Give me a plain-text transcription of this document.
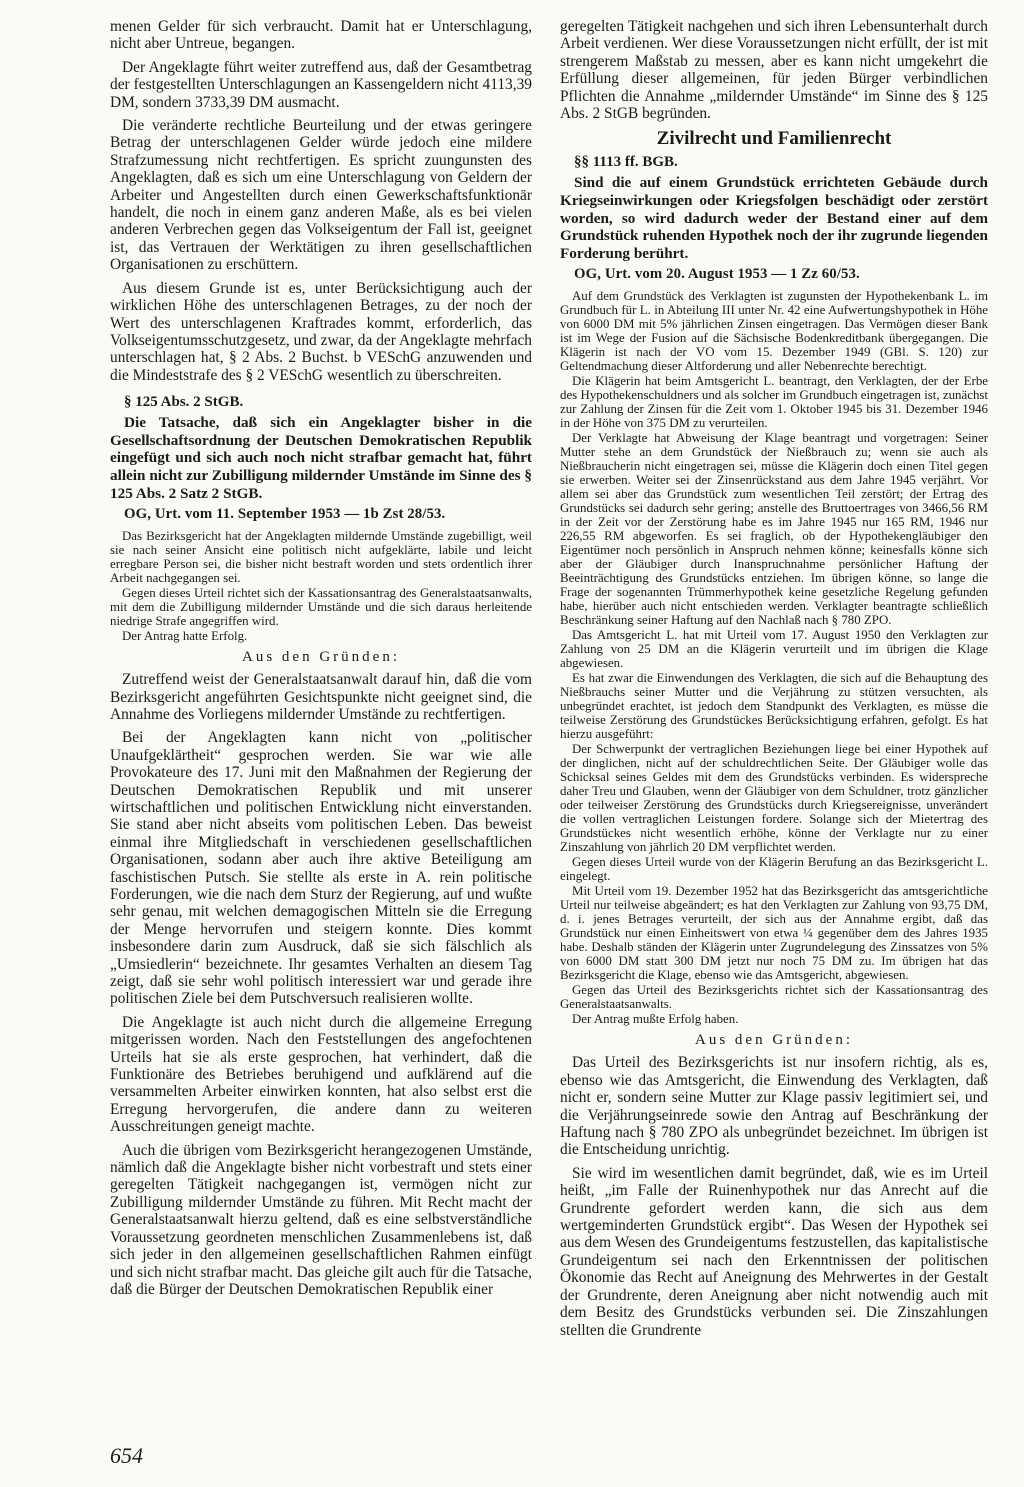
menen Gelder für sich verbraucht. Damit hat er Unterschlagung, nicht aber Untreue, begangen.

Der Angeklagte führt weiter zutreffend aus, daß der Gesamtbetrag der festgestellten Unterschlagungen an Kassengeldern nicht 4113,39 DM, sondern 3733,39 DM ausmacht.

Die veränderte rechtliche Beurteilung und der etwas geringere Betrag der unterschlagenen Gelder würde jedoch eine mildere Strafzumessung nicht rechtfertigen. Es spricht zuungunsten des Angeklagten, daß es sich um eine Unterschlagung von Geldern der Arbeiter und Angestellten durch einen Gewerkschaftsfunktionär handelt, die noch in einem ganz anderen Maße, als es bei vielen anderen Verbrechen gegen das Volkseigentum der Fall ist, geeignet ist, das Vertrauen der Werktätigen zu ihren gesellschaftlichen Organisationen zu erschüttern.

Aus diesem Grunde ist es, unter Berücksichtigung auch der wirklichen Höhe des unterschlagenen Betrages, zu der noch der Wert des unterschlagenen Kraftrades kommt, erforderlich, das Volkseigentumsschutzgesetz, und zwar, da der Angeklagte mehrfach unterschlagen hat, § 2 Abs. 2 Buchst. b VESchG anzuwenden und die Mindeststrafe des § 2 VESchG wesentlich zu überschreiten.

§ 125 Abs. 2 StGB.

Die Tatsache, daß sich ein Angeklagter bisher in die Gesellschaftsordnung der Deutschen Demokratischen Republik eingefügt und sich auch noch nicht strafbar gemacht hat, führt allein nicht zur Zubilligung mildernder Umstände im Sinne des § 125 Abs. 2 Satz 2 StGB.

OG, Urt. vom 11. September 1953 — 1b Zst 28/53.

Das Bezirksgericht hat der Angeklagten mildernde Umstände zugebilligt, weil sie nach seiner Ansicht eine politisch nicht aufgeklärte, labile und leicht erregbare Person sei, die bisher nicht bestraft worden und stets ordentlich ihrer Arbeit nachgegangen sei.

Gegen dieses Urteil richtet sich der Kassationsantrag des Generalstaatsanwalts, mit dem die Zubilligung mildernder Umstände und die sich daraus herleitende niedrige Strafe angegriffen wird.

Der Antrag hatte Erfolg.

Aus den Gründen:

Zutreffend weist der Generalstaatsanwalt darauf hin, daß die vom Bezirksgericht angeführten Gesichtspunkte nicht geeignet sind, die Annahme des Vorliegens mildernder Umstände zu rechtfertigen.

Bei der Angeklagten kann nicht von „politischer Unaufgeklärtheit“ gesprochen werden. Sie war wie alle Provokateure des 17. Juni mit den Maßnahmen der Regierung der Deutschen Demokratischen Republik und mit unserer wirtschaftlichen und politischen Entwicklung nicht einverstanden. Sie stand aber nicht abseits vom politischen Leben. Das beweist einmal ihre Mitgliedschaft in verschiedenen gesellschaftlichen Organisationen, sodann aber auch ihre aktive Beteiligung am faschistischen Putsch. Sie stellte als erste in A. rein politische Forderungen, wie die nach dem Sturz der Regierung, auf und wußte sehr genau, mit welchen demagogischen Mitteln sie die Erregung der Menge hervorrufen und steigern konnte. Dies kommt insbesondere darin zum Ausdruck, daß sie sich fälschlich als „Umsiedlerin“ bezeichnete. Ihr gesamtes Verhalten an diesem Tag zeigt, daß sie sehr wohl politisch interessiert war und gerade ihre politischen Ziele bei dem Putschversuch realisieren wollte.

Die Angeklagte ist auch nicht durch die allgemeine Erregung mitgerissen worden. Nach den Feststellungen des angefochtenen Urteils hat sie als erste gesprochen, hat verhindert, daß die Funktionäre des Betriebes beruhigend und aufklärend auf die versammelten Arbeiter einwirken konnten, hat also selbst erst die Erregung hervorgerufen, die andere dann zu weiteren Ausschreitungen geneigt machte.

Auch die übrigen vom Bezirksgericht herangezogenen Umstände, nämlich daß die Angeklagte bisher nicht vorbestraft und stets einer geregelten Tätigkeit nachgegangen ist, vermögen nicht zur Zubilligung mildernder Umstände zu führen. Mit Recht macht der Generalstaatsanwalt hierzu geltend, daß es eine selbstverständliche Voraussetzung geordneten menschlichen Zusammenlebens ist, daß sich jeder in den allgemeinen gesellschaftlichen Rahmen einfügt und sich nicht strafbar macht. Das gleiche gilt auch für die Tatsache, daß die Bürger der Deutschen Demokratischen Republik einer

geregelten Tätigkeit nachgehen und sich ihren Lebensunterhalt durch Arbeit verdienen. Wer diese Voraussetzungen nicht erfüllt, der ist mit strengerem Maßstab zu messen, aber es kann nicht umgekehrt die Erfüllung dieser allgemeinen, für jeden Bürger verbindlichen Pflichten die Annahme „mildernder Umstände“ im Sinne des § 125 Abs. 2 StGB begründen.

Zivilrecht und Familienrecht
§§ 1113 ff. BGB.

Sind die auf einem Grundstück errichteten Gebäude durch Kriegseinwirkungen oder Kriegsfolgen beschädigt oder zerstört worden, so wird dadurch weder der Bestand einer auf dem Grundstück ruhenden Hypothek noch der ihr zugrunde liegenden Forderung berührt.

OG, Urt. vom 20. August 1953 — 1 Zz 60/53.

Auf dem Grundstück des Verklagten ist zugunsten der Hypothekenbank L. im Grundbuch für L. in Abteilung III unter Nr. 42 eine Aufwertungshypothek in Höhe von 6000 DM mit 5% jährlichen Zinsen eingetragen. Das Vermögen dieser Bank ist im Wege der Fusion auf die Sächsische Bodenkreditbank übergegangen. Die Klägerin ist nach der VO vom 15. Dezember 1949 (GBl. S. 120) zur Geltendmachung dieser Altforderung und aller Nebenrechte berechtigt.

Die Klägerin hat beim Amtsgericht L. beantragt, den Verklagten, der der Erbe des Hypothekenschuldners und als solcher im Grundbuch eingetragen ist, zunächst zur Zahlung der Zinsen für die Zeit vom 1. Oktober 1945 bis 31. Dezember 1946 in der Höhe von 375 DM zu verurteilen.

Der Verklagte hat Abweisung der Klage beantragt und vorgetragen: Seiner Mutter stehe an dem Grundstück der Nießbrauch zu; wenn sie auch als Nießbraucherin nicht eingetragen sei, müsse die Klägerin doch einen Titel gegen sie erwerben. Weiter sei der Zinsenrückstand aus dem Jahre 1945 verjährt. Vor allem sei aber das Grundstück zum wesentlichen Teil zerstört; der Ertrag des Grundstücks sei dadurch sehr gering; anstelle des Bruttoertrages von 3466,56 RM in der Zeit vor der Zerstörung habe es im Jahre 1945 nur 165 RM, 1946 nur 226,55 RM abgeworfen. Es sei fraglich, ob der Hypothekengläubiger den Eigentümer noch persönlich in Anspruch nehmen könne; keinesfalls könne sich aber der Gläubiger durch Inanspruchnahme persönlicher Haftung der Beeinträchtigung des Grundstücks entziehen. Im übrigen könne, so lange die Frage der sogenannten Trümmerhypothek keine gesetzliche Regelung gefunden habe, hierüber auch nicht entschieden werden. Verklagter beantragte schließlich Beschränkung seiner Haftung auf den Nachlaß nach § 780 ZPO.

Das Amtsgericht L. hat mit Urteil vom 17. August 1950 den Verklagten zur Zahlung von 25 DM an die Klägerin verurteilt und im übrigen die Klage abgewiesen.

Es hat zwar die Einwendungen des Verklagten, die sich auf die Behauptung des Nießbrauchs seiner Mutter und die Verjährung zu stützen versuchten, als unbegründet erachtet, ist jedoch dem Standpunkt des Verklagten, es müsse die teilweise Zerstörung des Grundstückes Berücksichtigung erfahren, gefolgt. Es hat hierzu ausgeführt:

Der Schwerpunkt der vertraglichen Beziehungen liege bei einer Hypothek auf der dinglichen, nicht auf der schuldrechtlichen Seite. Der Gläubiger wolle das Schicksal seines Geldes mit dem des Grundstücks verbinden. Es widerspreche daher Treu und Glauben, wenn der Gläubiger von dem Schuldner, trotz gänzlicher oder teilweiser Zerstörung des Grundstücks durch Kriegsereignisse, unverändert die vollen vertraglichen Leistungen fordere. Solange sich der Mietertrag des Grundstückes nicht wesentlich erhöhe, könne der Verklagte nur zu einer Zinszahlung von jährlich 20 DM verpflichtet werden.

Gegen dieses Urteil wurde von der Klägerin Berufung an das Bezirksgericht L. eingelegt.

Mit Urteil vom 19. Dezember 1952 hat das Bezirksgericht das amtsgerichtliche Urteil nur teilweise abgeändert; es hat den Verklagten zur Zahlung von 93,75 DM, d. i. jenes Betrages verurteilt, der sich aus der Annahme ergibt, daß das Grundstück nur einen Einheitswert von etwa ¼ gegenüber dem des Jahres 1935 habe. Deshalb ständen der Klägerin unter Zugrundelegung des Zinssatzes von 5% von 6000 DM statt 300 DM jetzt nur noch 75 DM zu. Im übrigen hat das Bezirksgericht die Klage, ebenso wie das Amtsgericht, abgewiesen.

Gegen das Urteil des Bezirksgerichts richtet sich der Kassationsantrag des Generalstaatsanwalts.

Der Antrag mußte Erfolg haben.

Aus den Gründen:

Das Urteil des Bezirksgerichts ist nur insofern richtig, als es, ebenso wie das Amtsgericht, die Einwendung des Verklagten, daß nicht er, sondern seine Mutter zur Klage passiv legitimiert sei, und die Verjährungseinrede sowie den Antrag auf Beschränkung der Haftung nach § 780 ZPO als unbegründet bezeichnet. Im übrigen ist die Entscheidung unrichtig.

Sie wird im wesentlichen damit begründet, daß, wie es im Urteil heißt, „im Falle der Ruinenhypothek nur das Anrecht auf die Grundrente gefordert werden kann, die sich aus dem wertgeminderten Grundstück ergibt“. Das Wesen der Hypothek sei aus dem Wesen des Grundeigentums festzustellen, das kapitalistische Grundeigentum sei nach den Erkenntnissen der politischen Ökonomie das Recht auf Aneignung des Mehrwertes in der Gestalt der Grundrente, deren Aneignung aber nicht notwendig auch mit dem Besitz des Grundstücks verbunden sei. Die Zinszahlungen stellten die Grundrente

654
